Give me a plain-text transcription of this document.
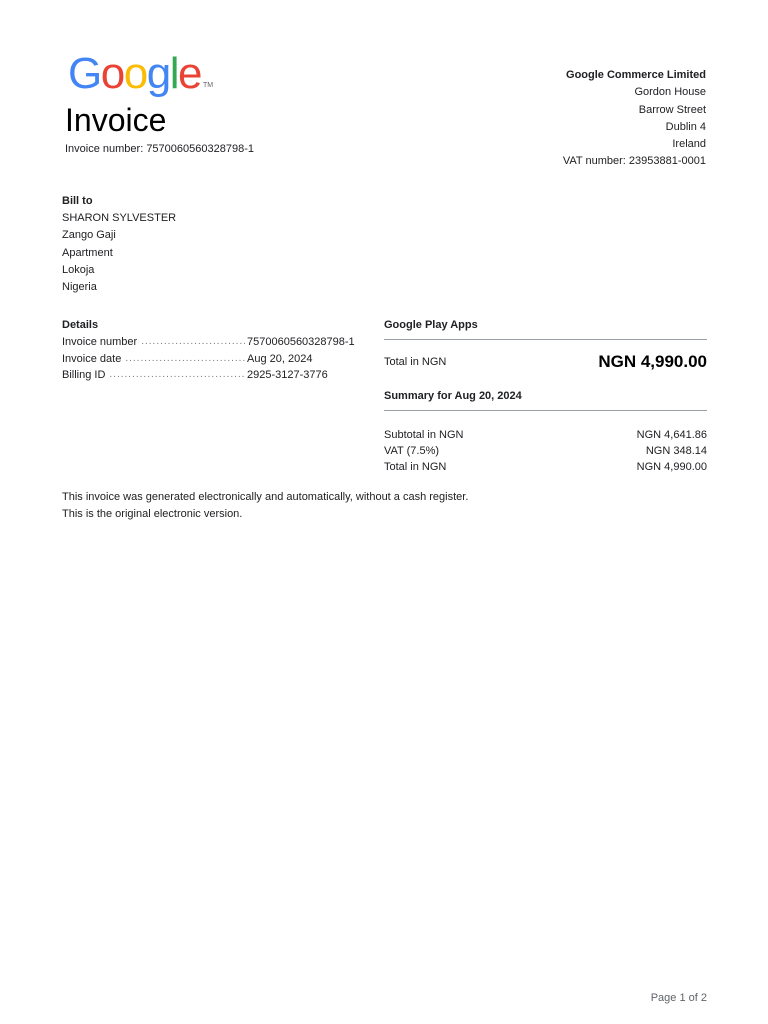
Google ™
Invoice
Invoice number: 7570060560328798-1
Google Commerce Limited
Gordon House
Barrow Street
Dublin 4
Ireland
VAT number: 23953881-0001
Bill to
SHARON SYLVESTER
Zango Gaji
Apartment
Lokoja
Nigeria
Details
Invoice number .....	7570060560328798-1
Invoice date .....	Aug 20, 2024
Billing ID .....	2925-3127-3776
Google Play Apps
Total in NGN	NGN 4,990.00
Summary for Aug 20, 2024
Subtotal in NGN	NGN 4,641.86
VAT (7.5%)	NGN 348.14
Total in NGN	NGN 4,990.00
This invoice was generated electronically and automatically, without a cash register.
This is the original electronic version.
Page 1 of 2
